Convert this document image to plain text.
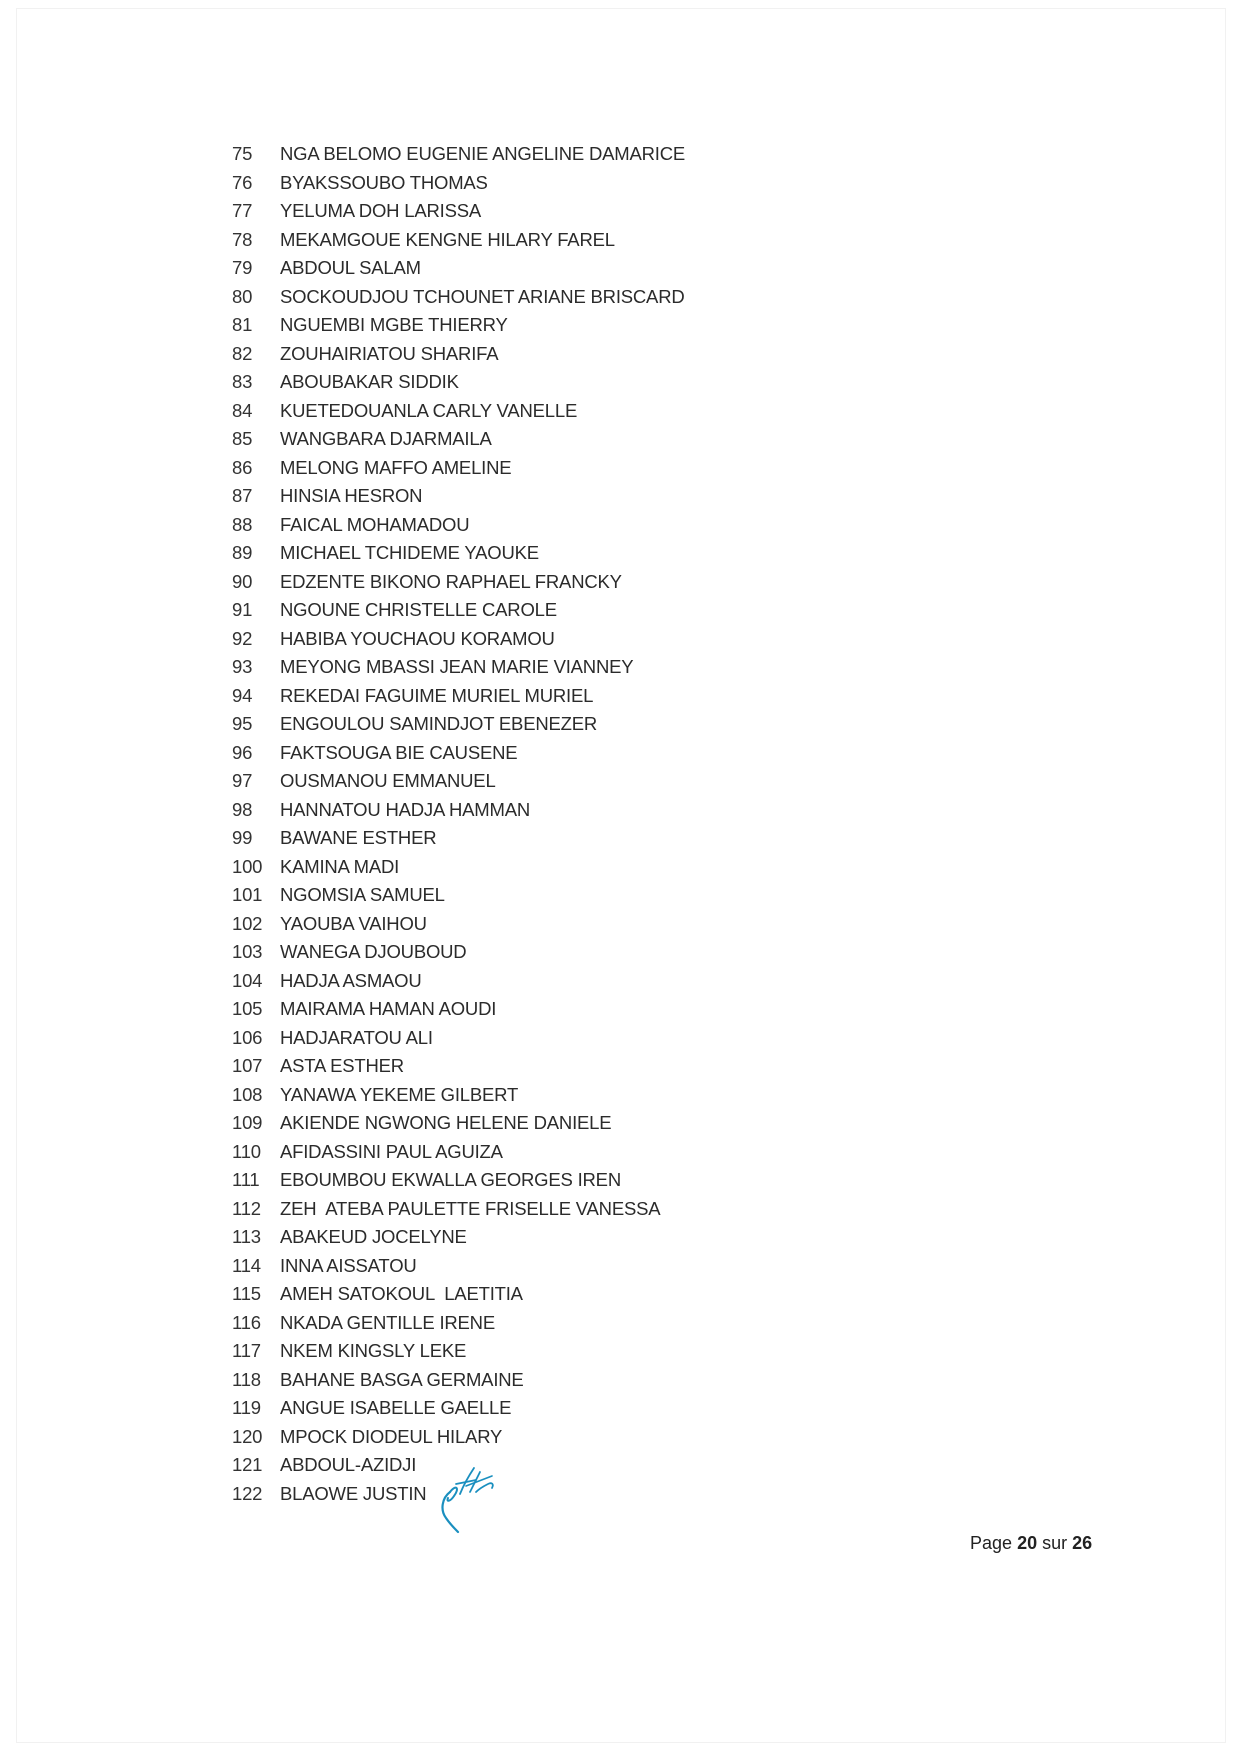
75	NGA BELOMO EUGENIE ANGELINE DAMARICE
76	BYAKSSOUBO THOMAS
77	YELUMA DOH LARISSA
78	MEKAMGOUE KENGNE HILARY FAREL
79	ABDOUL SALAM
80	SOCKOUDJOU TCHOUNET ARIANE BRISCARD
81	NGUEMBI MGBE THIERRY
82	ZOUHAIRIATOU SHARIFA
83	ABOUBAKAR SIDDIK
84	KUETEDOUANLA CARLY VANELLE
85	WANGBARA DJARMAILA
86	MELONG MAFFO AMELINE
87	HINSIA HESRON
88	FAICAL MOHAMADOU
89	MICHAEL TCHIDEME YAOUKE
90	EDZENTE BIKONO RAPHAEL FRANCKY
91	NGOUNE CHRISTELLE CAROLE
92	HABIBA YOUCHAOU KORAMOU
93	MEYONG MBASSI JEAN MARIE VIANNEY
94	REKEDAI FAGUIME MURIEL MURIEL
95	ENGOULOU SAMINDJOT EBENEZER
96	FAKTSOUGA BIE CAUSENE
97	OUSMANOU EMMANUEL
98	HANNATOU HADJA HAMMAN
99	BAWANE ESTHER
100 KAMINA MADI
101 NGOMSIA SAMUEL
102 YAOUBA VAIHOU
103 WANEGA DJOUBOUD
104 HADJA ASMAOU
105 MAIRAMA HAMAN AOUDI
106 HADJARATOU ALI
107 ASTA ESTHER
108 YANAWA YEKEME GILBERT
109 AKIENDE NGWONG HELENE DANIELE
110	AFIDASSINI PAUL AGUIZA
111	EBOUMBOU EKWALLA GEORGES IREN
112	ZEH  ATEBA PAULETTE FRISELLE VANESSA
113	ABAKEUD JOCELYNE
114	INNA AISSATOU
115	AMEH SATOKOUL  LAETITIA
116	NKADA GENTILLE IRENE
117	NKEM KINGSLY LEKE
118	BAHANE BASGA GERMAINE
119	ANGUE ISABELLE GAELLE
120 MPOCK DIODEUL HILARY
121 ABDOUL-AZIDJI
122 BLAOWE JUSTIN
Page 20 sur 26
